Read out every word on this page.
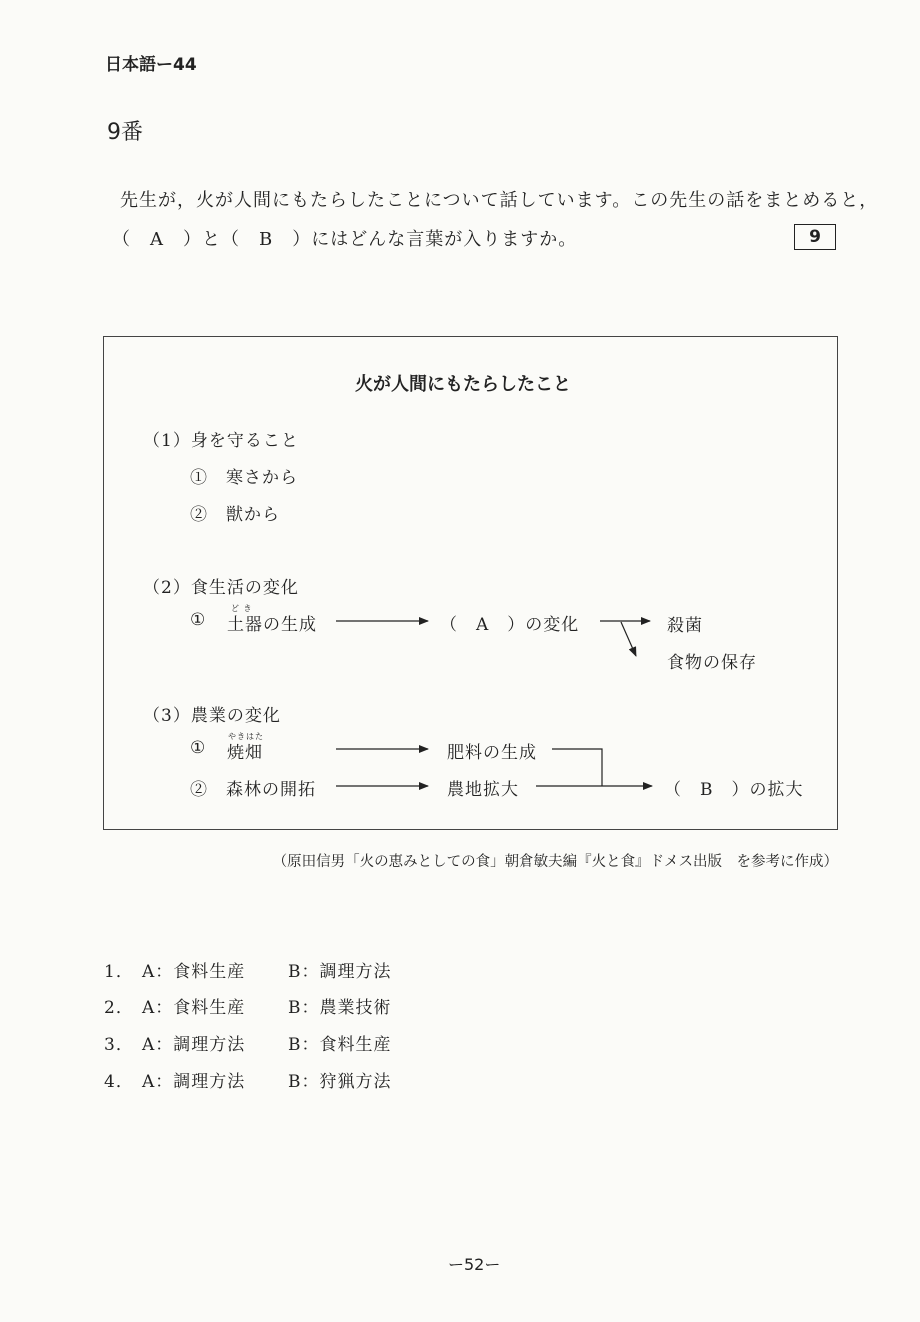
日本語ー44
9番
先生が，火が人間にもたらしたことについて話しています。この先生の話をまとめると，
（　A　）と（　B　）にはどんな言葉が入りますか。	9
火が人間にもたらしたこと
（1）身を守ること
①　寒さから
②　獣から
（2）食生活の変化
ど き
① 土器の生成	（　A　）の変化	殺菌
食物の保存
（3）農業の変化
やきはた
① 焼畑	肥料の生成
②　森林の開拓	農地拡大	（　B　）の拡大
（原田信男「火の恵みとしての食」朝倉敏夫編『火と食』ドメス出版　を参考に作成）
1． A：食料生産	B：調理方法
2． A：食料生産	B：農業技術
3． A：調理方法	B：食料生産
4． A：調理方法	B：狩猟方法
ー52ー
